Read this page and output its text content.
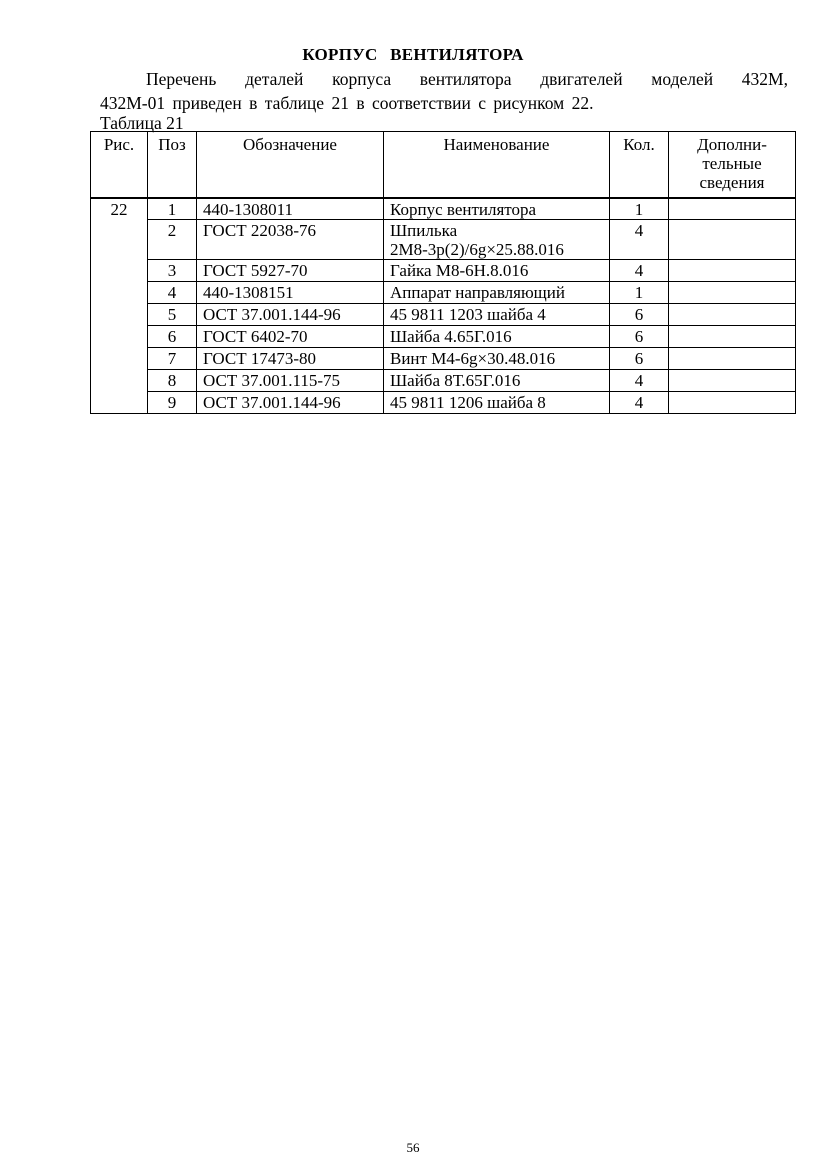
КОРПУС ВЕНТИЛЯТОРА
Перечень деталей корпуса вентилятора двигателей моделей 432М,
432М-01 приведен в таблице 21 в соответствии с рисунком 22.
Таблица 21
Рис.	Поз	Обозначение	Наименование	Кол.	Дополни-
тельные
сведения

22	1	440-1308011	Корпус вентилятора	1	
	2	ГОСТ 22038-76	Шпилька
2М8-3р(2)/6g×25.88.016	4	
	3	ГОСТ 5927-70	Гайка М8-6Н.8.016	4	
	4	440-1308151	Аппарат направляющий	1	
	5	ОСТ 37.001.144-96	45 9811 1203 шайба 4	6	
	6	ГОСТ 6402-70	Шайба 4.65Г.016	6	
	7	ГОСТ 17473-80	Винт М4-6g×30.48.016	6	
	8	ОСТ 37.001.115-75	Шайба 8Т.65Г.016	4	
	9	ОСТ 37.001.144-96	45 9811 1206 шайба 8	4	
56
